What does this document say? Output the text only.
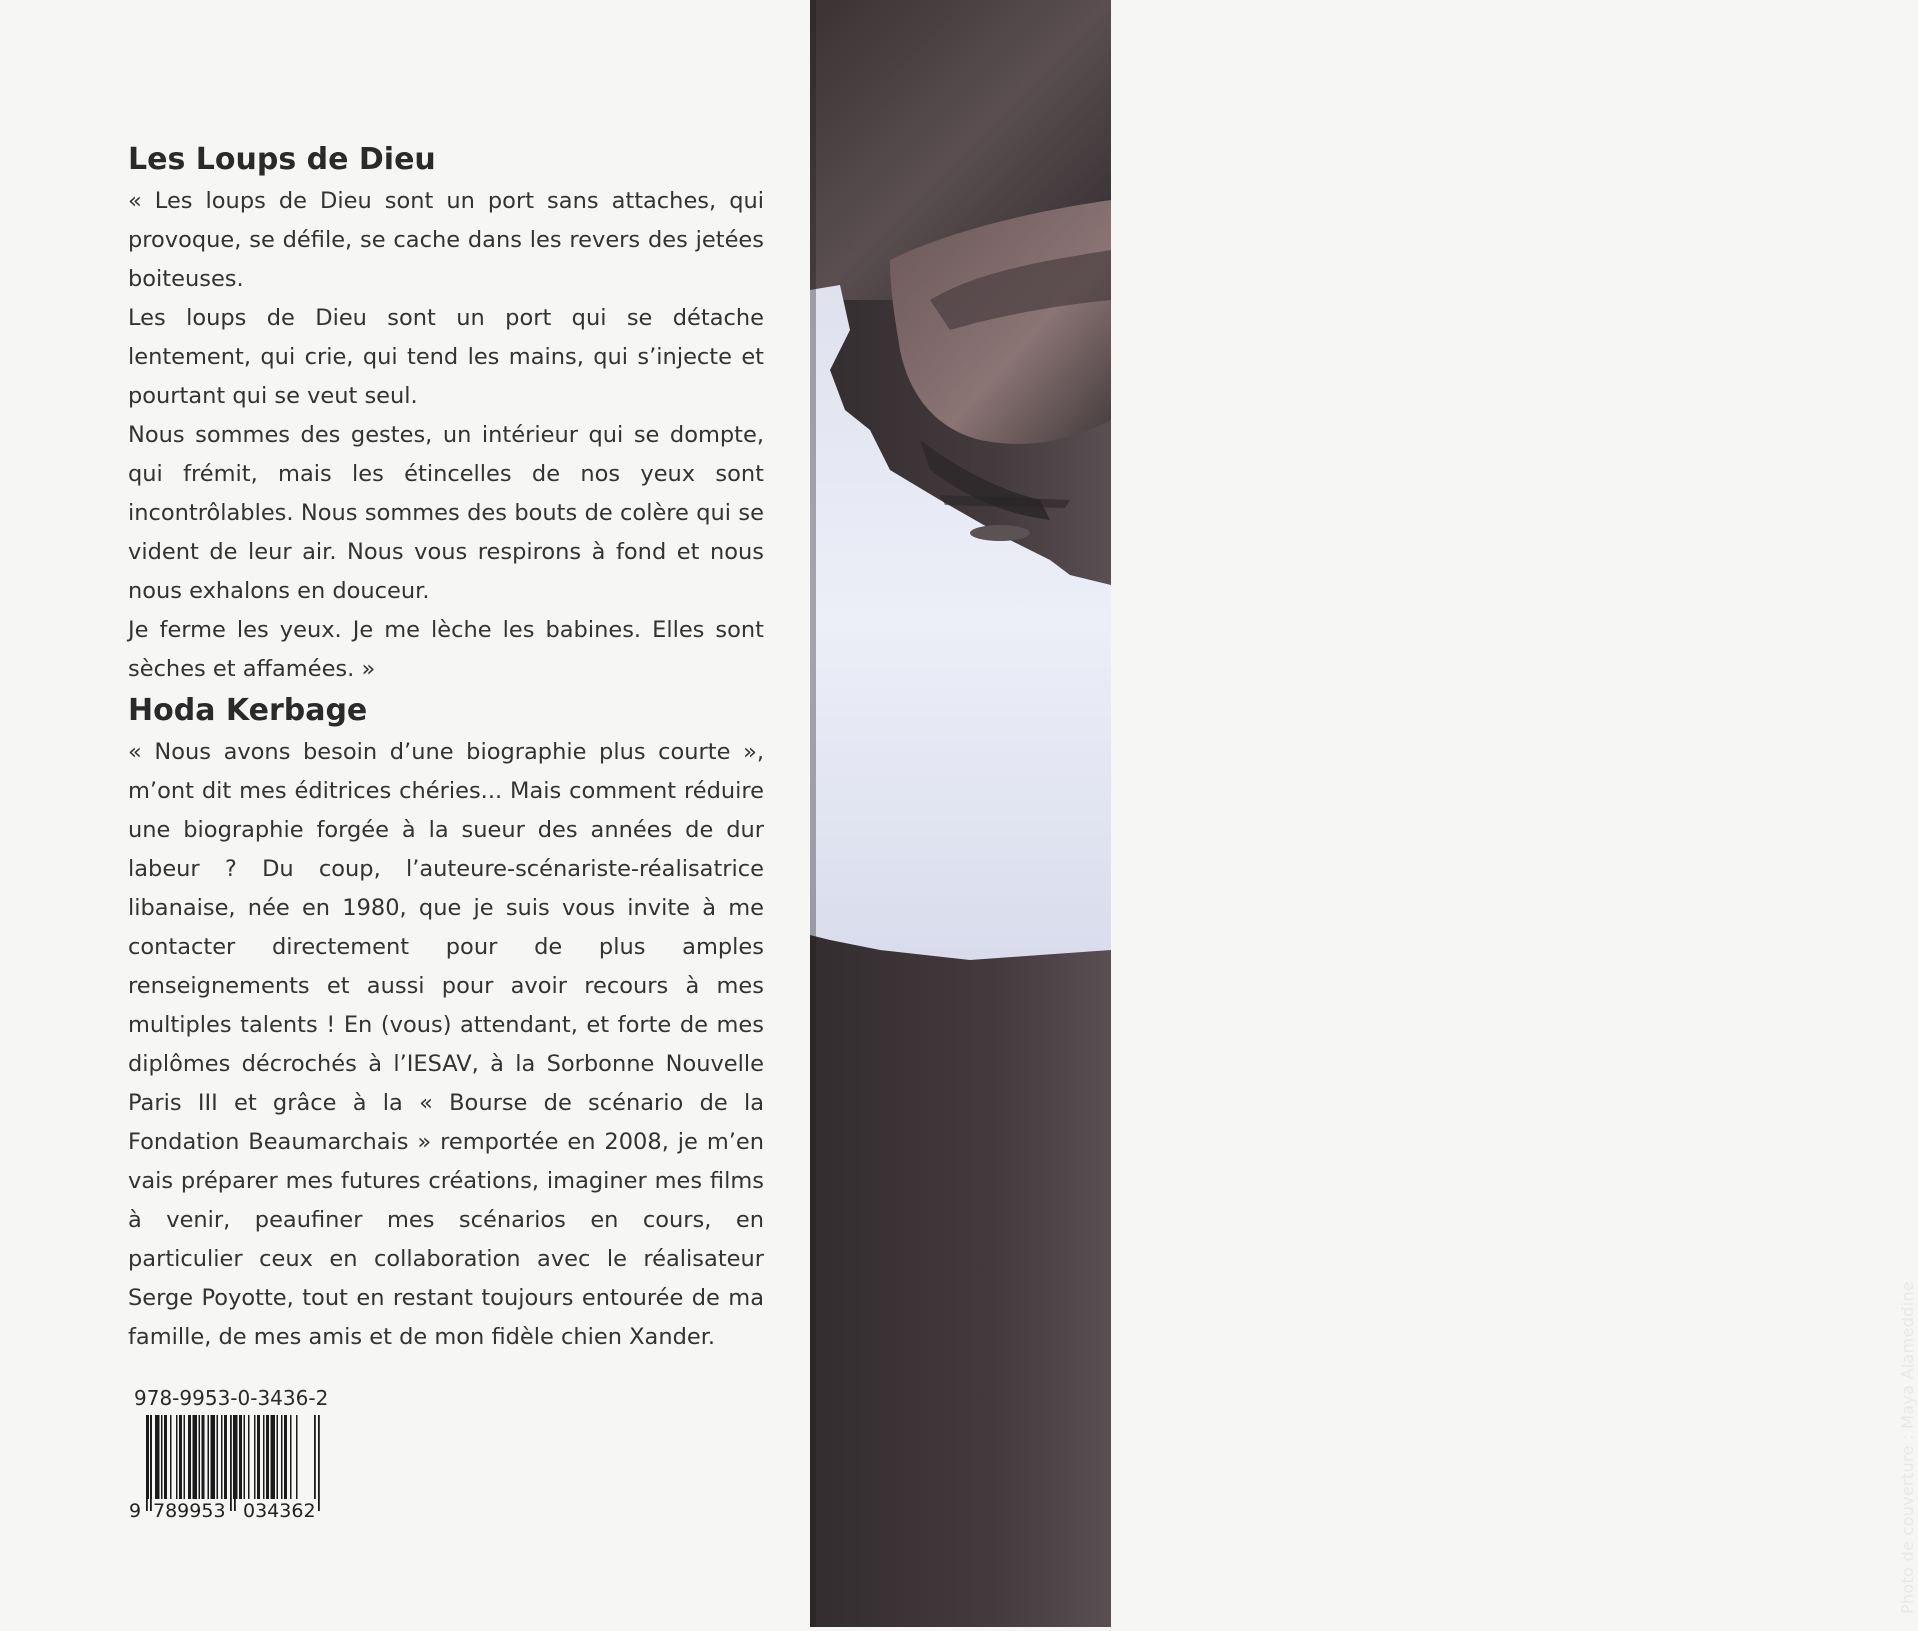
Les Loups de Dieu

« Les loups de Dieu sont un port sans attaches, qui provoque, se défile, se cache dans les revers des jetées boiteuses.

Les loups de Dieu sont un port qui se détache lentement, qui crie, qui tend les mains, qui s’injecte et pourtant qui se veut seul.

Nous sommes des gestes, un intérieur qui se dompte, qui frémit, mais les étincelles de nos yeux sont incontrôlables. Nous sommes des bouts de colère qui se vident de leur air. Nous vous respirons à fond et nous nous exhalons en douceur.

Je ferme les yeux. Je me lèche les babines. Elles sont sèches et affamées. »

Hoda Kerbage

« Nous avons besoin d’une biographie plus courte », m’ont dit mes éditrices chéries... Mais comment réduire une biographie forgée à la sueur des années de dur labeur ? Du coup, l’auteure-scénariste-réalisatrice libanaise, née en 1980, que je suis vous invite à me contacter directement pour de plus amples renseignements et aussi pour avoir recours à mes multiples talents ! En (vous) attendant, et forte de mes diplômes décrochés à l’IESAV, à la Sorbonne Nouvelle Paris III et grâce à la « Bourse de scénario de la Fondation Beaumarchais » remportée en 2008, je m’en vais préparer mes futures créations, imaginer mes films à venir, peaufiner mes scénarios en cours, en particulier ceux en collaboration avec le réalisateur Serge Poyotte, tout en restant toujours entourée de ma famille, de mes amis et de mon fidèle chien Xander.

978-9953-0-3436-2
9 789953 034362	Photo de couverture : Maya Alameddine
